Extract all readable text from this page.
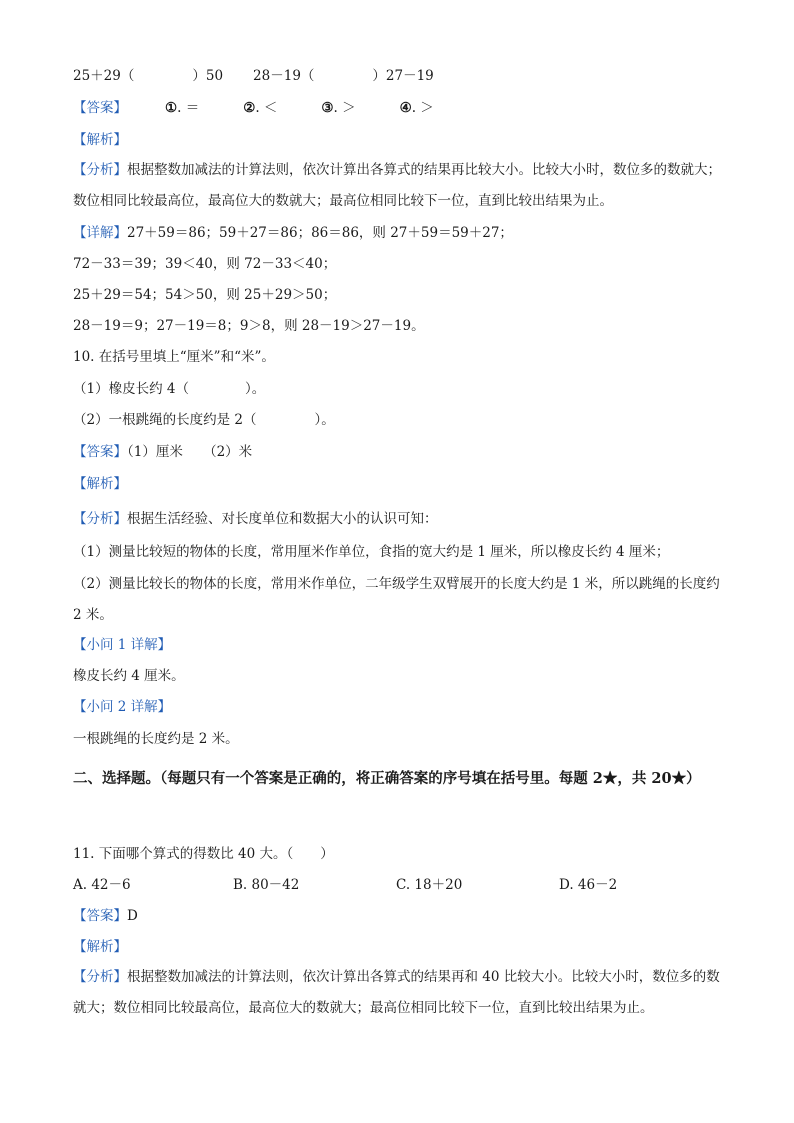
25＋29（	）50 28－19（	）27－19
【答案】	①. ＝	②. ＜	③. ＞	④. ＞
【解析】
【分析】根据整数加减法的计算法则，依次计算出各算式的结果再比较大小。比较大小时，数位多的数就大；数位相同比较最高位，最高位大的数就大；最高位相同比较下一位，直到比较出结果为止。
【详解】27＋59＝86；59＋27＝86；86＝86，则 27＋59＝59＋27；
72－33＝39；39＜40，则 72－33＜40；
25＋29＝54；54＞50，则 25＋29＞50；
28－19＝9；27－19＝8；9＞8，则 28－19＞27－19。
10. 在括号里填上“厘米”和“米”。
（1）橡皮长约 4（	）。
（2）一根跳绳的长度约是 2（	）。
【答案】（1）厘米　　（2）米
【解析】
【分析】根据生活经验、对长度单位和数据大小的认识可知：
（1）测量比较短的物体的长度，常用厘米作单位，食指的宽大约是 1 厘米，所以橡皮长约 4 厘米；
（2）测量比较长的物体的长度，常用米作单位，二年级学生双臂展开的长度大约是 1 米，所以跳绳的长度约 2 米。
【小问 1 详解】
橡皮长约 4 厘米。
【小问 2 详解】
一根跳绳的长度约是 2 米。
二、选择题。（每题只有一个答案是正确的，将正确答案的序号填在括号里。每题 2★，共 20★）
11. 下面哪个算式的得数比 40 大。（　　）
A. 42－6	B. 80－42	C. 18＋20	D. 46－2
【答案】D
【解析】
【分析】根据整数加减法的计算法则，依次计算出各算式的结果再和 40 比较大小。比较大小时，数位多的数就大；数位相同比较最高位，最高位大的数就大；最高位相同比较下一位，直到比较出结果为止。
